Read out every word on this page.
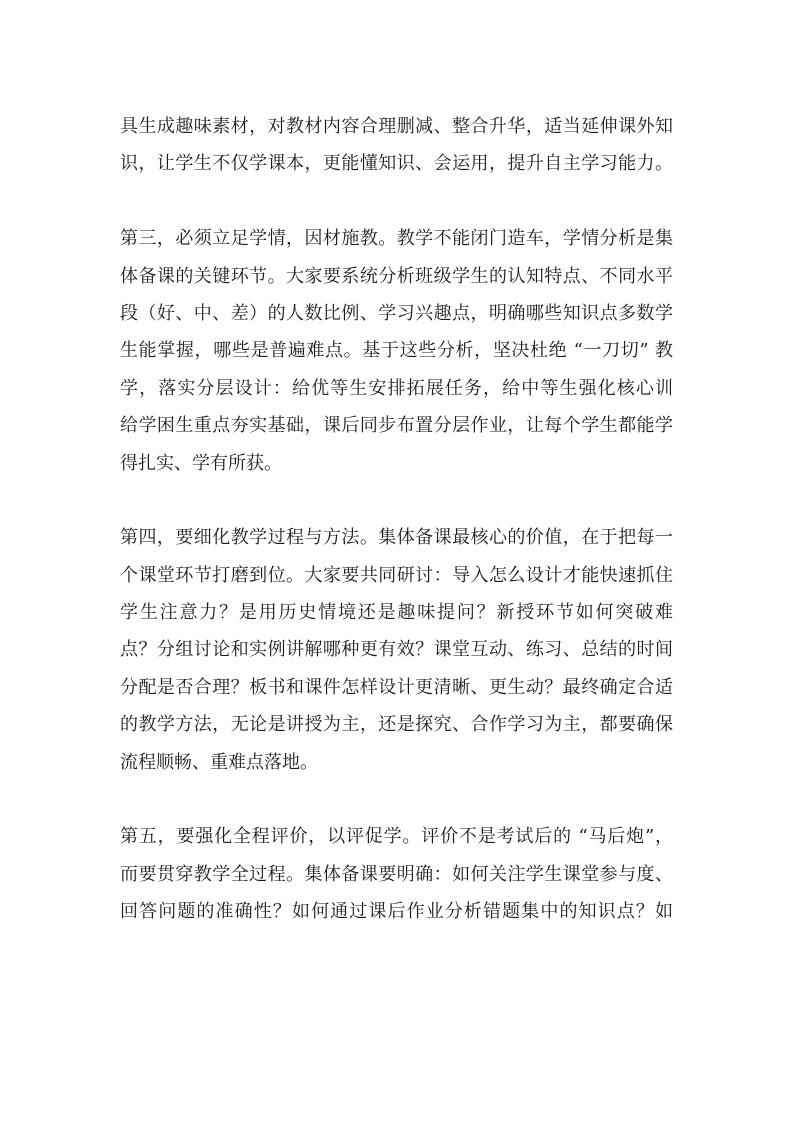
具生成趣味素材，对教材内容合理删减、整合升华，适当延伸课外知
识，让学生不仅学课本，更能懂知识、会运用，提升自主学习能力。

第三，必须立足学情，因材施教。教学不能闭门造车，学情分析是集
体备课的关键环节。大家要系统分析班级学生的认知特点、不同水平
段（好、中、差）的人数比例、学习兴趣点，明确哪些知识点多数学
生能掌握，哪些是普遍难点。基于这些分析，坚决杜绝 “一刀切” 教
学，落实分层设计：给优等生安排拓展任务，给中等生强化核心训
给学困生重点夯实基础，课后同步布置分层作业，让每个学生都能学
得扎实、学有所获。

第四，要细化教学过程与方法。集体备课最核心的价值，在于把每一
个课堂环节打磨到位。大家要共同研讨：导入怎么设计才能快速抓住
学生注意力？是用历史情境还是趣味提问？新授环节如何突破难
点？分组讨论和实例讲解哪种更有效？课堂互动、练习、总结的时间
分配是否合理？板书和课件怎样设计更清晰、更生动？最终确定合适
的教学方法，无论是讲授为主，还是探究、合作学习为主，都要确保
流程顺畅、重难点落地。

第五，要强化全程评价，以评促学。评价不是考试后的 “马后炮”，
而要贯穿教学全过程。集体备课要明确：如何关注学生课堂参与度、
回答问题的准确性？如何通过课后作业分析错题集中的知识点？如
